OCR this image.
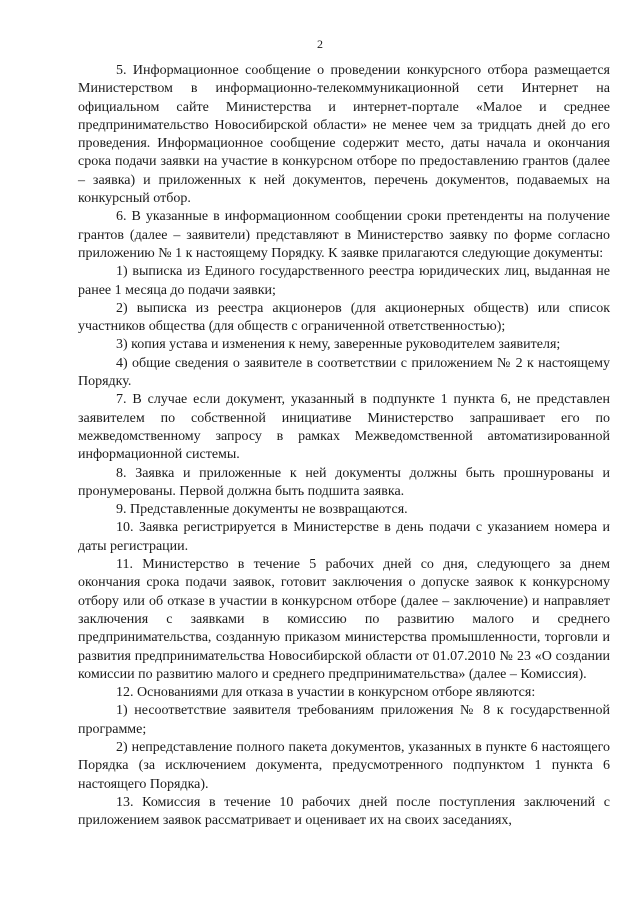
2

5. Информационное сообщение о проведении конкурсного отбора размещается Министерством в информационно-телекоммуникационной сети Интернет на официальном сайте Министерства и интернет-портале «Малое и среднее предпринимательство Новосибирской области» не менее чем за тридцать дней до его проведения. Информационное сообщение содержит место, даты начала и окончания срока подачи заявки на участие в конкурсном отборе по предоставлению грантов (далее – заявка) и приложенных к ней документов, перечень документов, подаваемых на конкурсный отбор.

6. В указанные в информационном сообщении сроки претенденты на получение грантов (далее – заявители) представляют в Министерство заявку по форме согласно приложению № 1 к настоящему Порядку. К заявке прилагаются следующие документы:

1) выписка из Единого государственного реестра юридических лиц, выданная не ранее 1 месяца до подачи заявки;

2) выписка из реестра акционеров (для акционерных обществ) или список участников общества (для обществ с ограниченной ответственностью);

3) копия устава и изменения к нему, заверенные руководителем заявителя;

4) общие сведения о заявителе в соответствии с приложением № 2 к настоящему Порядку.

7. В случае если документ, указанный в подпункте 1 пункта 6, не представлен заявителем по собственной инициативе Министерство запрашивает его по межведомственному запросу в рамках Межведомственной автоматизированной информационной системы.

8. Заявка и приложенные к ней документы должны быть прошнурованы и пронумерованы. Первой должна быть подшита заявка.

9. Представленные документы не возвращаются.

10. Заявка регистрируется в Министерстве в день подачи с указанием номера и даты регистрации.

11. Министерство в течение 5 рабочих дней со дня, следующего за днем окончания срока подачи заявок, готовит заключения о допуске заявок к конкурсному отбору или об отказе в участии в конкурсном отборе (далее – заключение) и направляет заключения с заявками в комиссию по развитию малого и среднего предпринимательства, созданную приказом министерства промышленности, торговли и развития предпринимательства Новосибирской области от 01.07.2010 № 23 «О создании комиссии по развитию малого и среднего предпринимательства» (далее – Комиссия).

12. Основаниями для отказа в участии в конкурсном отборе являются:

1) несоответствие заявителя требованиям приложения № 8 к государственной программе;

2) непредставление полного пакета документов, указанных в пункте 6 настоящего Порядка (за исключением документа, предусмотренного подпунктом 1 пункта 6 настоящего Порядка).

13. Комиссия в течение 10 рабочих дней после поступления заключений с приложением заявок рассматривает и оценивает их на своих заседаниях,
